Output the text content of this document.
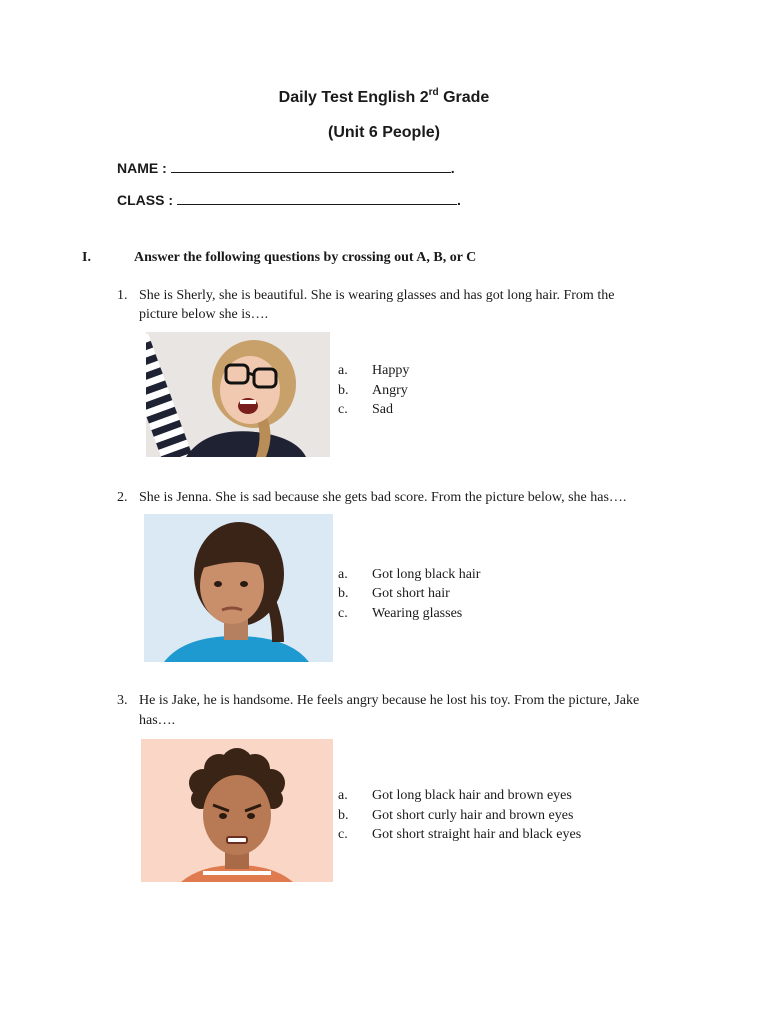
Daily Test English 2rd Grade
(Unit 6 People)
NAME :	.
CLASS :	.
I.	Answer the following questions by crossing out A, B, or C
1. She is Sherly, she is beautiful. She is wearing glasses and has got long hair. From the
picture below she is….
a.	Happy
b.	Angry
c.	Sad
2. She is Jenna. She is sad because she gets bad score. From the picture below, she has….
a.	Got long black hair
b.	Got short hair
c.	Wearing glasses
3. He is Jake, he is handsome. He feels angry because he lost his toy. From the picture, Jake
has….
a.	Got long black hair and brown eyes
b.	Got short curly hair and brown eyes
c.	Got short straight hair and black eyes
